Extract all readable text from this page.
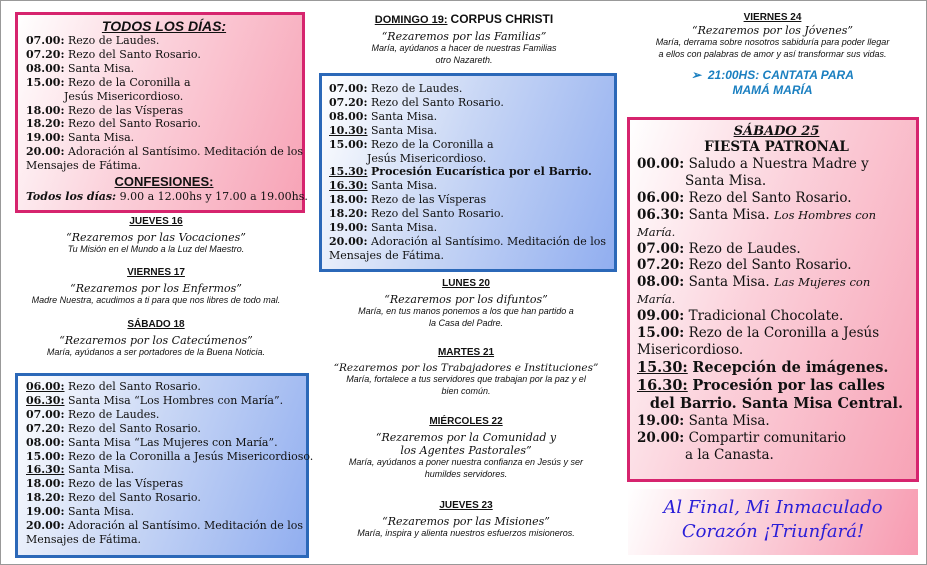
TODOS LOS DÍAS:
07.00: Rezo de Laudes.
07.20: Rezo del Santo Rosario.
08.00: Santa Misa.
15.00: Rezo de la Coronilla a
Jesús Misericordioso.
18.00: Rezo de las Vísperas
18.20: Rezo del Santo Rosario.
19.00: Santa Misa.
20.00: Adoración al Santísimo. Meditación de los
Mensajes de Fátima.
CONFESIONES:
Todos los días: 9.00 a 12.00hs y 17.00 a 19.00hs.
JUEVES 16
“Rezaremos por las Vocaciones”
Tu Misión en el Mundo a la Luz del Maestro.
VIERNES 17
“Rezaremos por los Enfermos”
Madre Nuestra, acudimos a ti para que nos libres de todo mal.
SÁBADO 18
“Rezaremos por los Catecúmenos”
María, ayúdanos a ser portadores de la Buena Noticia.
06.00: Rezo del Santo Rosario.
06.30: Santa Misa “Los Hombres con María”.
07.00: Rezo de Laudes.
07.20: Rezo del Santo Rosario.
08.00: Santa Misa “Las Mujeres con María”.
15.00: Rezo de la Coronilla a Jesús Misericordioso.
16.30: Santa Misa.
18.00: Rezo de las Vísperas
18.20: Rezo del Santo Rosario.
19.00: Santa Misa.
20.00: Adoración al Santísimo. Meditación de los
Mensajes de Fátima.
DOMINGO 19: CORPUS CHRISTI
“Rezaremos por las Familias”
María, ayúdanos a hacer de nuestras Familias
otro Nazareth.
07.00: Rezo de Laudes.
07.20: Rezo del Santo Rosario.
08.00: Santa Misa.
10.30: Santa Misa.
15.00: Rezo de la Coronilla a
Jesús Misericordioso.
15.30: Procesión Eucarística por el Barrio.
16.30: Santa Misa.
18.00: Rezo de las Vísperas
18.20: Rezo del Santo Rosario.
19.00: Santa Misa.
20.00: Adoración al Santísimo. Meditación de los
Mensajes de Fátima.
LUNES 20
“Rezaremos por los difuntos”
María, en tus manos ponemos a los que han partido a
la Casa del Padre.
MARTES 21
“Rezaremos por los Trabajadores e Instituciones”
María, fortalece a tus servidores que trabajan por la paz y el
bien común.
MIÉRCOLES 22
“Rezaremos por la Comunidad y
los Agentes Pastorales”
María, ayúdanos a poner nuestra confianza en Jesús y ser
humildes servidores.
JUEVES 23
“Rezaremos por las Misiones”
María, inspira y alienta nuestros esfuerzos misioneros.
VIERNES 24
“Rezaremos por los Jóvenes”
María, derrama sobre nosotros sabiduría para poder llegar
a ellos con palabras de amor y así transformar sus vidas.
➢ 21:00HS: CANTATA PARA
MAMÁ MARÍA
SÁBADO 25
FIESTA PATRONAL
00.00: Saludo a Nuestra Madre y
Santa Misa.
06.00: Rezo del Santo Rosario.
06.30: Santa Misa. Los Hombres con
María.
07.00: Rezo de Laudes.
07.20: Rezo del Santo Rosario.
08.00: Santa Misa. Las Mujeres con
María.
09.00: Tradicional Chocolate.
15.00: Rezo de la Coronilla a Jesús
Misericordioso.
15.30: Recepción de imágenes.
16.30: Procesión por las calles
del Barrio. Santa Misa Central.
19.00: Santa Misa.
20.00: Compartir comunitario
a la Canasta.
Al Final, Mi Inmaculado
Corazón ¡Triunfará!
